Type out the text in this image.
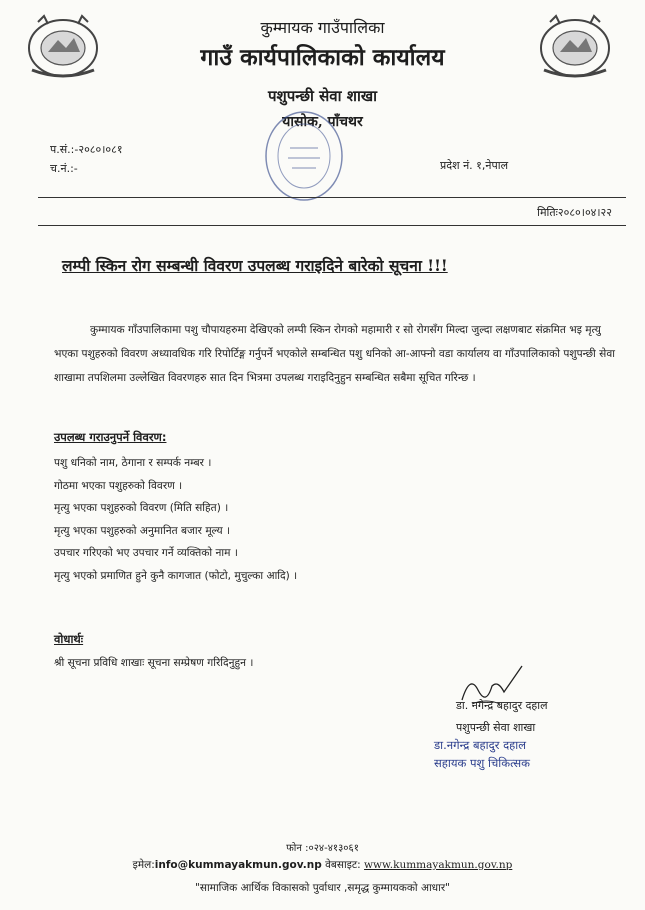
कुम्मायक गाउँपालिका
गाउँ कार्यपालिकाको कार्यालय
पशुपन्छी सेवा शाखा
यासोक, पाँचथर
प.सं.:-२०८०।०८१
च.नं.:-	प्रदेश नं. १,नेपाल
मितिः२०८०।०४।२२
लम्पी स्किन रोग सम्बन्धी विवरण उपलब्ध गराइदिने बारेको सूचना !!!
कुम्मायक गाँउपालिकामा पशु चौपायहरुमा देखिएको लम्पी स्किन रोगको महामारी र सो रोगसँग मिल्दा जुल्दा लक्षणबाट संक्रमित भइ मृत्यु भएका पशुहरुको विवरण अध्यावधिक गरि रिपोर्टिङ्ग गर्नुपर्ने भएकोले सम्बन्धित पशु धनिको आ-आफ्नो वडा कार्यालय वा गाँउपालिकाको पशुपन्छी सेवा शाखामा तपशिलमा उल्लेखित विवरणहरु सात दिन भित्रमा उपलब्ध गराइदिनुहुन सम्बन्धित सबैमा सूचित गरिन्छ ।
उपलब्ध गराउनुपर्ने विवरण:
पशु धनिको नाम, ठेगाना र सम्पर्क नम्बर ।
गोठमा भएका पशुहरुको विवरण ।
मृत्यु भएका पशुहरुको विवरण (मिति सहित) ।
मृत्यु भएका पशुहरुको अनुमानित बजार मूल्य ।
उपचार गरिएको भए उपचार गर्ने व्यक्तिको नाम ।
मृत्यु भएको प्रमाणित हुने कुनै कागजात (फोटो, मुचुल्का आदि) ।
वोधार्थः
श्री सूचना प्रविधि शाखाः सूचना सम्प्रेषण गरिदिनुहुन ।
डा. नगेन्द्र बहादुर दहाल
पशुपन्छी सेवा शाखा
डा.नगेन्द्र बहादुर दहाल
सहायक पशु चिकित्सक
फोन :०२४-४१३०६१
इमेल:info@kummayakmun.gov.np वेबसाइट: www.kummayakmun.gov.np
"सामाजिक आर्थिक विकासको पुर्वाधार ,समृद्ध कुम्मायकको आधार"
